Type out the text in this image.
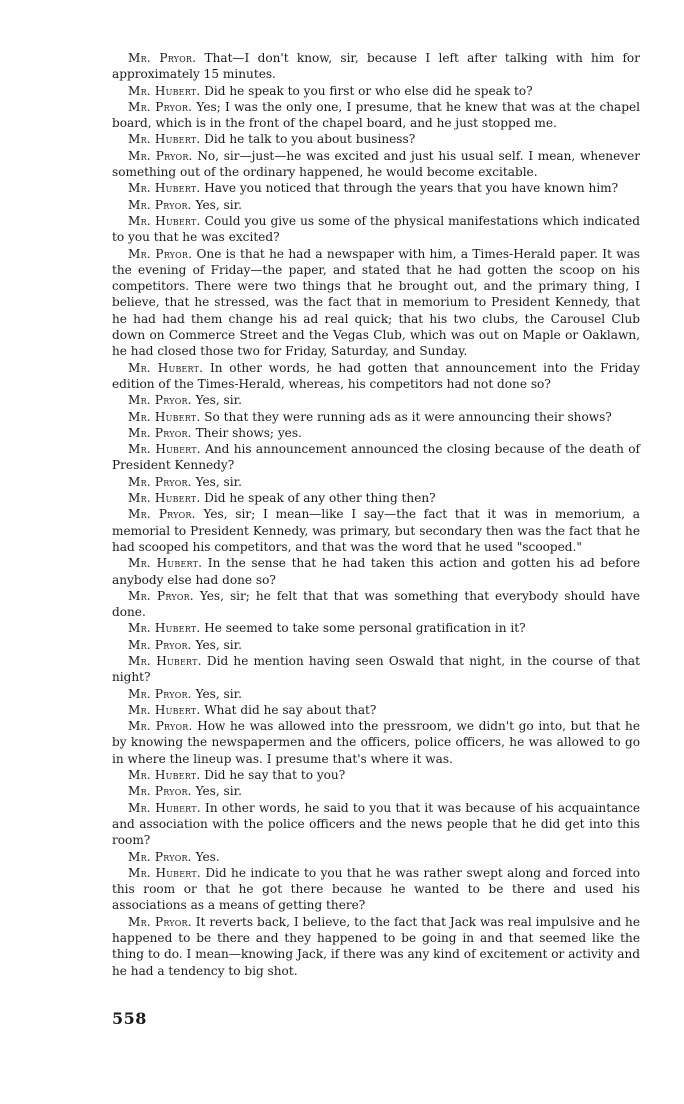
Mr. Pryor. That—I don't know, sir, because I left after talking with him for approximately 15 minutes.

Mr. Hubert. Did he speak to you first or who else did he speak to?

Mr. Pryor. Yes; I was the only one, I presume, that he knew that was at the chapel board, which is in the front of the chapel board, and he just stopped me.

Mr. Hubert. Did he talk to you about business?

Mr. Pryor. No, sir—just—he was excited and just his usual self. I mean, whenever something out of the ordinary happened, he would become excitable.

Mr. Hubert. Have you noticed that through the years that you have known him?

Mr. Pryor. Yes, sir.

Mr. Hubert. Could you give us some of the physical manifestations which indicated to you that he was excited?

Mr. Pryor. One is that he had a newspaper with him, a Times-Herald paper. It was the evening of Friday—the paper, and stated that he had gotten the scoop on his competitors. There were two things that he brought out, and the primary thing, I believe, that he stressed, was the fact that in memorium to President Kennedy, that he had had them change his ad real quick; that his two clubs, the Carousel Club down on Commerce Street and the Vegas Club, which was out on Maple or Oaklawn, he had closed those two for Friday, Saturday, and Sunday.

Mr. Hubert. In other words, he had gotten that announcement into the Friday edition of the Times-Herald, whereas, his competitors had not done so?

Mr. Pryor. Yes, sir.

Mr. Hubert. So that they were running ads as it were announcing their shows?

Mr. Pryor. Their shows; yes.

Mr. Hubert. And his announcement announced the closing because of the death of President Kennedy?

Mr. Pryor. Yes, sir.

Mr. Hubert. Did he speak of any other thing then?

Mr. Pryor. Yes, sir; I mean—like I say—the fact that it was in memorium, a memorial to President Kennedy, was primary, but secondary then was the fact that he had scooped his competitors, and that was the word that he used "scooped."

Mr. Hubert. In the sense that he had taken this action and gotten his ad before anybody else had done so?

Mr. Pryor. Yes, sir; he felt that that was something that everybody should have done.

Mr. Hubert. He seemed to take some personal gratification in it?

Mr. Pryor. Yes, sir.

Mr. Hubert. Did he mention having seen Oswald that night, in the course of that night?

Mr. Pryor. Yes, sir.

Mr. Hubert. What did he say about that?

Mr. Pryor. How he was allowed into the pressroom, we didn't go into, but that he by knowing the newspapermen and the officers, police officers, he was allowed to go in where the lineup was. I presume that's where it was.

Mr. Hubert. Did he say that to you?

Mr. Pryor. Yes, sir.

Mr. Hubert. In other words, he said to you that it was because of his acquaintance and association with the police officers and the news people that he did get into this room?

Mr. Pryor. Yes.

Mr. Hubert. Did he indicate to you that he was rather swept along and forced into this room or that he got there because he wanted to be there and used his associations as a means of getting there?

Mr. Pryor. It reverts back, I believe, to the fact that Jack was real impulsive and he happened to be there and they happened to be going in and that seemed like the thing to do. I mean—knowing Jack, if there was any kind of excitement or activity and he had a tendency to big shot.

558
